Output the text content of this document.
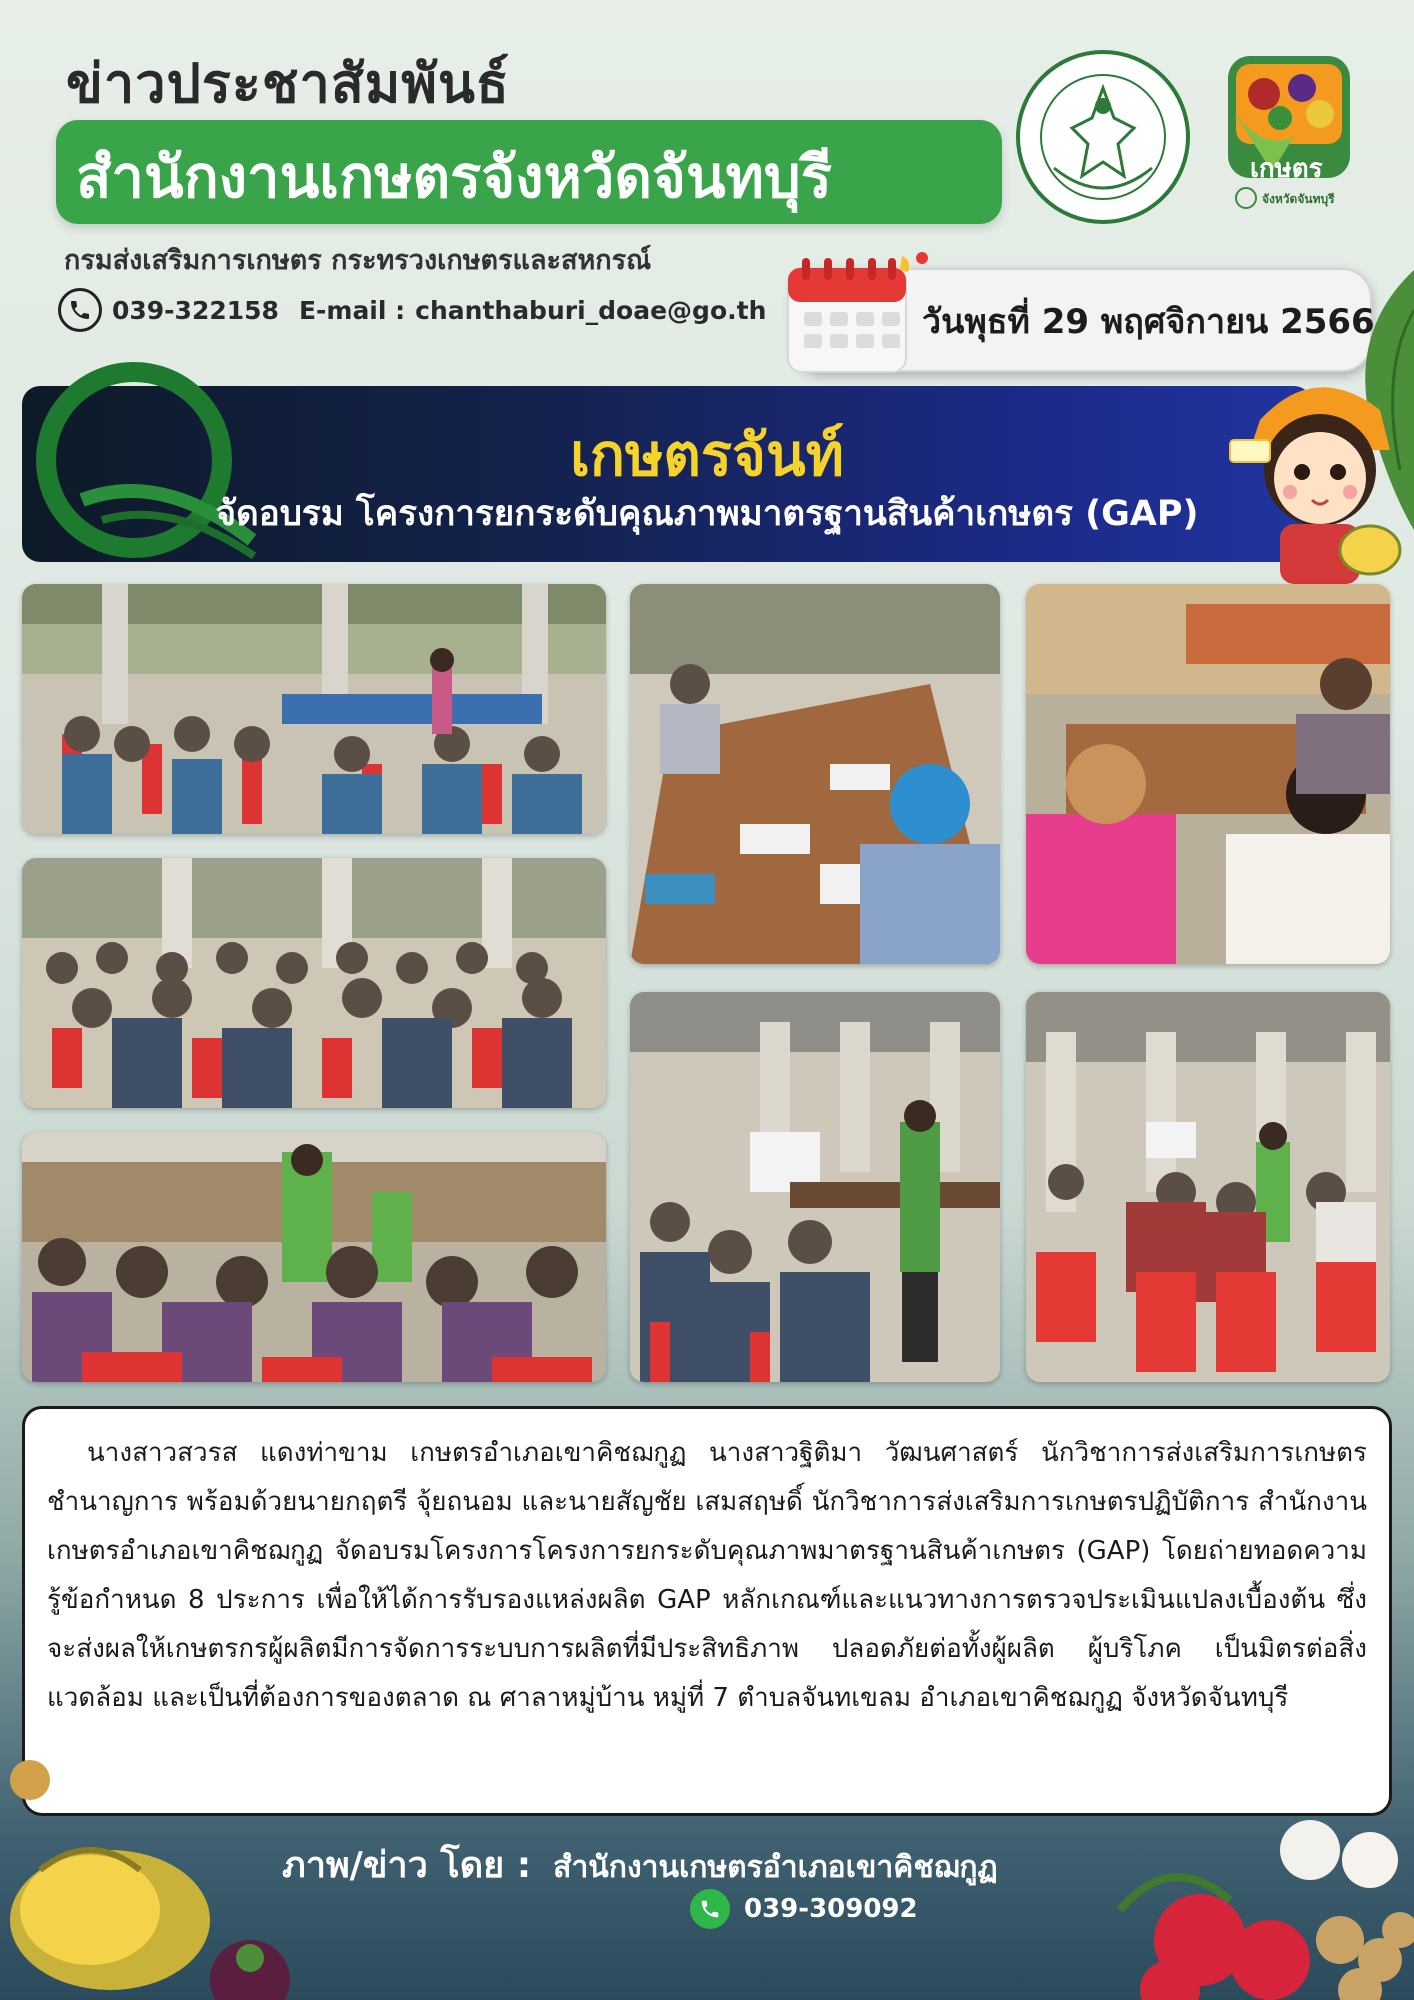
ข่าวประชาสัมพันธ์
สำนักงานเกษตรจังหวัดจันทบุรี
กรมส่งเสริมการเกษตร กระทรวงเกษตรและสหกรณ์
039-322158 E-mail : chanthaburi_doae@go.th
เกษตร
จังหวัดจันทบุรี
วันพุธที่ 29 พฤศจิกายน 2566
เกษตรจันท์
จัดอบรม โครงการยกระดับคุณภาพมาตรฐานสินค้าเกษตร (GAP)

นางสาวสวรส แดงท่าขาม เกษตรอำเภอเขาคิชฌกูฏ นางสาวฐิติมา วัฒนศาสตร์ นักวิชาการส่งเสริมการเกษตรชำนาญการ พร้อมด้วยนายกฤตรี จุ้ยถนอม และนายสัญชัย เสมสฤษดิ์ นักวิชาการส่งเสริมการเกษตรปฏิบัติการ สำนักงานเกษตรอำเภอเขาคิชฌกูฏ จัดอบรมโครงการโครงการยกระดับคุณภาพมาตรฐานสินค้าเกษตร (GAP) โดยถ่ายทอดความรู้ข้อกำหนด 8 ประการ เพื่อให้ได้การรับรองแหล่งผลิต GAP หลักเกณฑ์และแนวทางการตรวจประเมินแปลงเบื้องต้น ซึ่งจะส่งผลให้เกษตรกรผู้ผลิตมีการจัดการระบบการผลิตที่มีประสิทธิภาพ ปลอดภัยต่อทั้งผู้ผลิต ผู้บริโภค เป็นมิตรต่อสิ่งแวดล้อม และเป็นที่ต้องการของตลาด ณ ศาลาหมู่บ้าน หมู่ที่ 7 ตำบลจันทเขลม อำเภอเขาคิชฌกูฏ จังหวัดจันทบุรี

ภาพ/ข่าว โดย : สำนักงานเกษตรอำเภอเขาคิชฌกูฏ
039-309092
